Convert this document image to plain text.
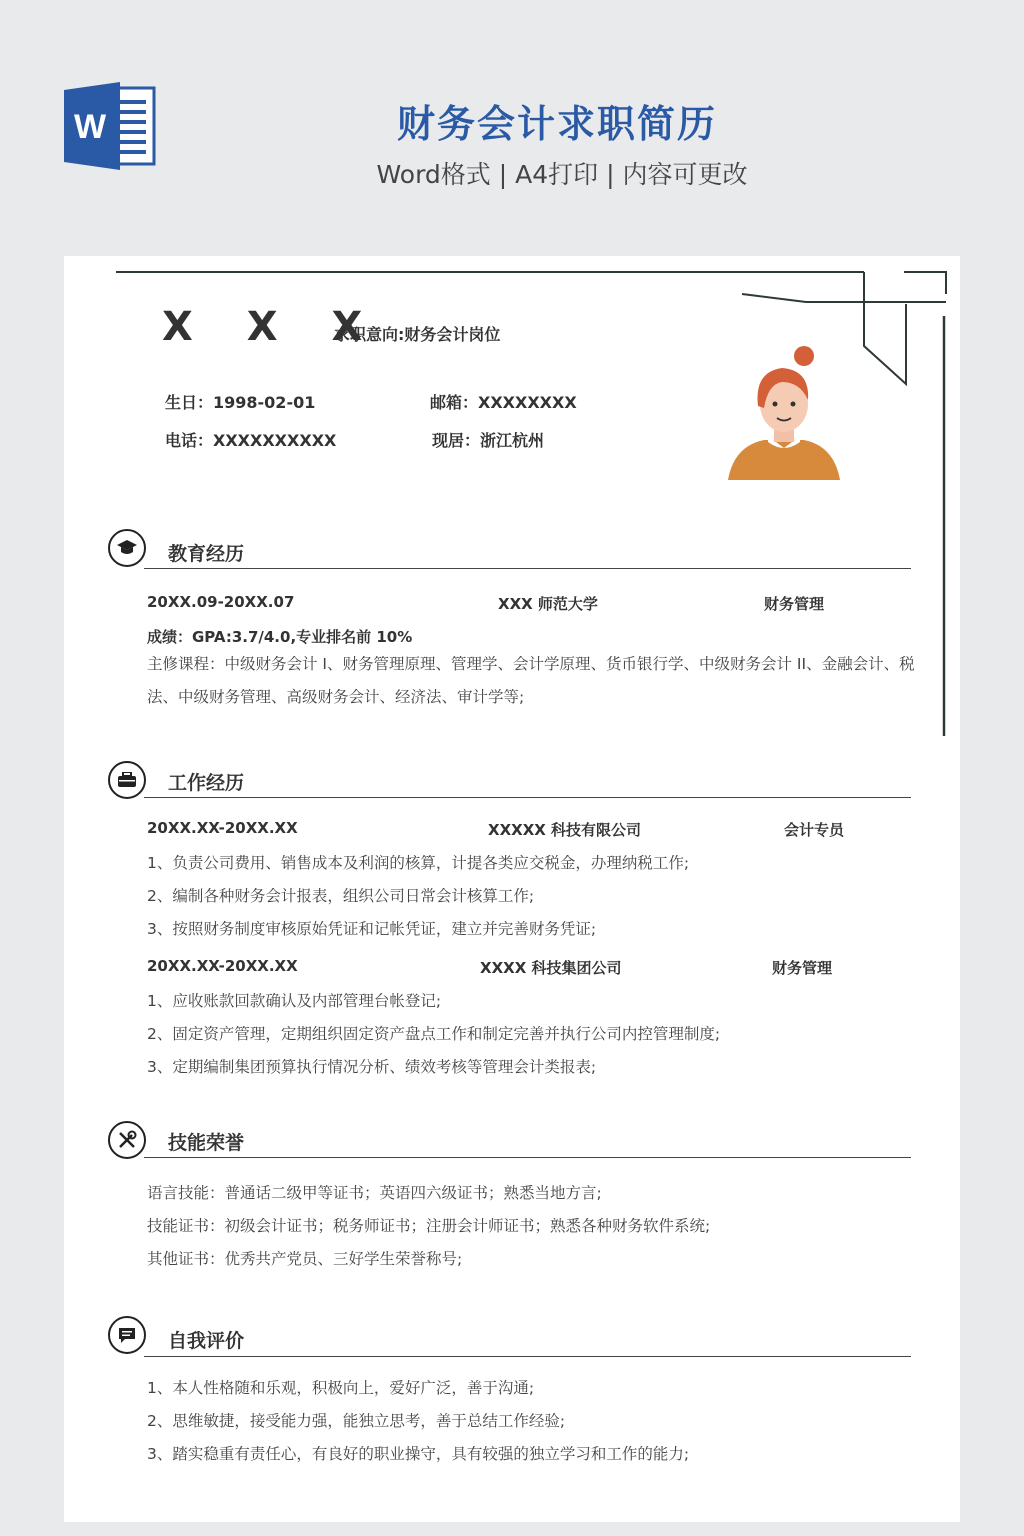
W	财务会计求职简历
Word格式 | A4打印 | 内容可更改
X X X
求职意向:财务会计岗位
生日：1998-02-01	邮箱：XXXXXXXX
电话：XXXXXXXXXX	现居：浙江杭州
教育经历
20XX.09-20XX.07	XXX 师范大学	财务管理
成绩：GPA:3.7/4.0,专业排名前 10%
主修课程：中级财务会计 I、财务管理原理、管理学、会计学原理、货币银行学、中级财务会计 II、金融会计、税法、中级财务管理、高级财务会计、经济法、审计学等;
工作经历
20XX.XX-20XX.XX	XXXXX 科技有限公司	会计专员
1、负责公司费用、销售成本及利润的核算，计提各类应交税金，办理纳税工作;
2、编制各种财务会计报表，组织公司日常会计核算工作;
3、按照财务制度审核原始凭证和记帐凭证，建立并完善财务凭证;
20XX.XX-20XX.XX	XXXX 科技集团公司	财务管理
1、应收账款回款确认及内部管理台帐登记;
2、固定资产管理，定期组织固定资产盘点工作和制定完善并执行公司内控管理制度;
3、定期编制集团预算执行情况分析、绩效考核等管理会计类报表;
技能荣誉
语言技能：普通话二级甲等证书；英语四六级证书；熟悉当地方言;
技能证书：初级会计证书；税务师证书；注册会计师证书；熟悉各种财务软件系统;
其他证书：优秀共产党员、三好学生荣誉称号;
自我评价
1、本人性格随和乐观，积极向上，爱好广泛，善于沟通;
2、思维敏捷，接受能力强，能独立思考，善于总结工作经验;
3、踏实稳重有责任心，有良好的职业操守，具有较强的独立学习和工作的能力;
